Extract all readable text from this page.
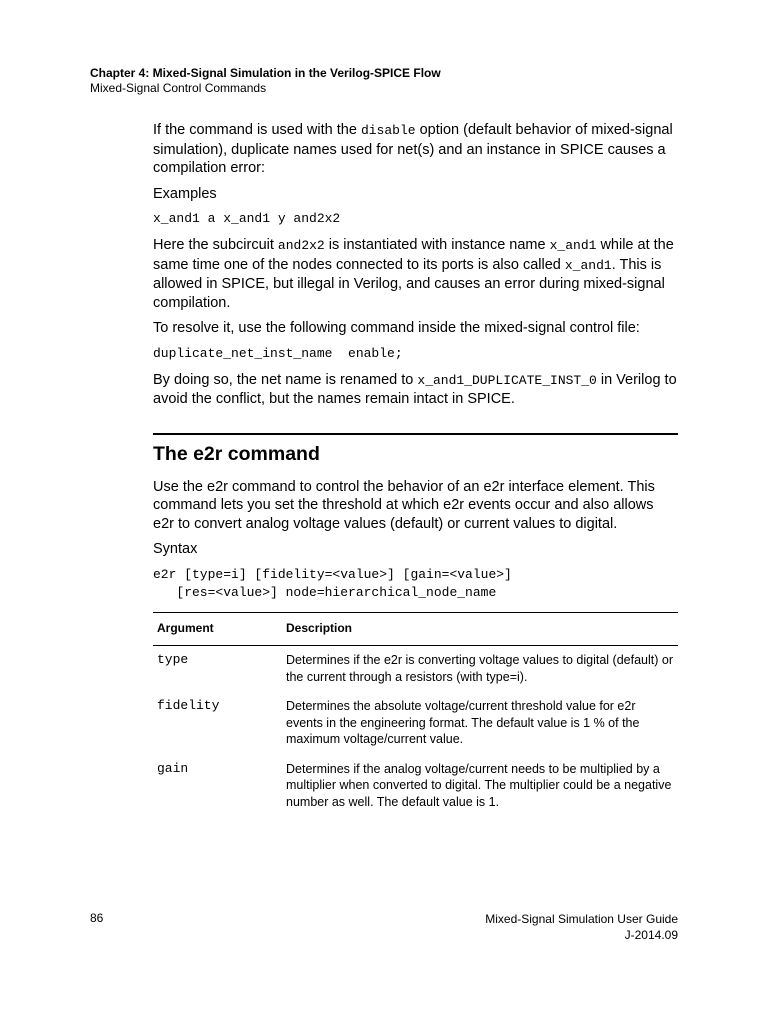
Chapter 4: Mixed-Signal Simulation in the Verilog-SPICE Flow
Mixed-Signal Control Commands

If the command is used with the disable option (default behavior of mixed-signal simulation), duplicate names used for net(s) and an instance in SPICE causes a compilation error:

Examples

x_and1 a x_and1 y and2x2

Here the subcircuit and2x2 is instantiated with instance name x_and1 while at the same time one of the nodes connected to its ports is also called x_and1. This is allowed in SPICE, but illegal in Verilog, and causes an error during mixed-signal compilation.

To resolve it, use the following command inside the mixed-signal control file:

duplicate_net_inst_name  enable;

By doing so, the net name is renamed to x_and1_DUPLICATE_INST_0 in Verilog to avoid the conflict, but the names remain intact in SPICE.

The e2r command

Use the e2r command to control the behavior of an e2r interface element. This command lets you set the threshold at which e2r events occur and also allows e2r to convert analog voltage values (default) or current values to digital.

Syntax

e2r [type=i] [fidelity=<value>] [gain=<value>]
[res=<value>] node=hierarchical_node_name
Argument	Description
type	Determines if the e2r is converting voltage values to digital (default) or the current through a resistors (with type=i).
fidelity	Determines the absolute voltage/current threshold value for e2r events in the engineering format. The default value is 1 % of the maximum voltage/current value.
gain	Determines if the analog voltage/current needs to be multiplied by a multiplier when converted to digital. The multiplier could be a negative number as well. The default value is 1.
86	Mixed-Signal Simulation User Guide
J-2014.09
